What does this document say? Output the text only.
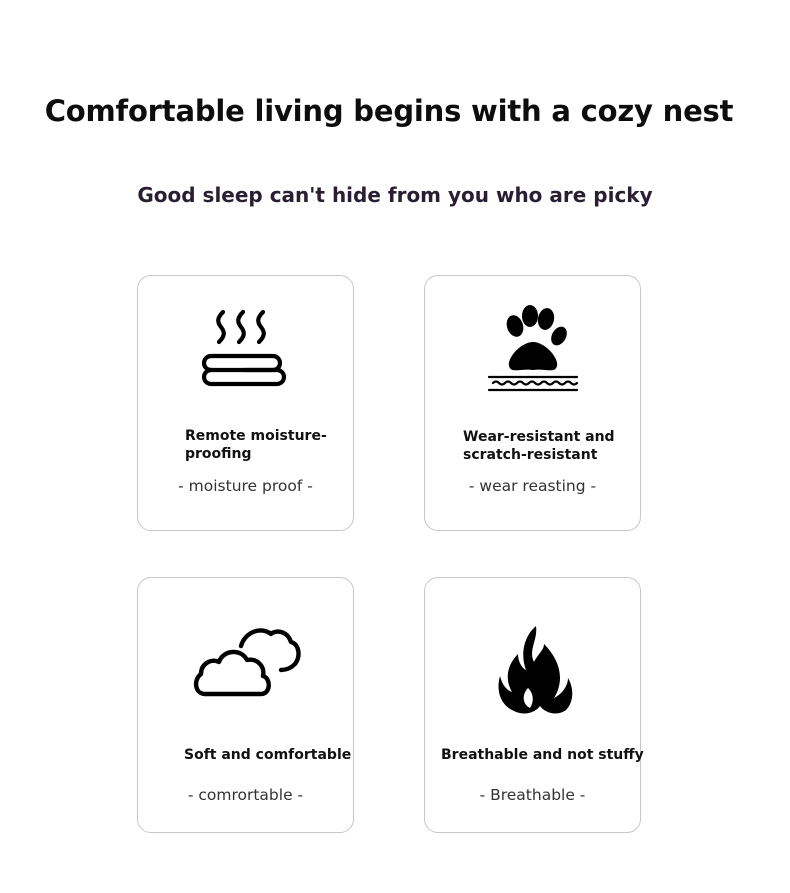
Comfortable living begins with a cozy nest
Good sleep can't hide from you who are picky
Remote moisture-
proofing
- moisture proof -
Wear-resistant and
scratch-resistant
- wear reasting -
Soft and comfortable
- comrortable -
Breathable and not stuffy
- Breathable -
